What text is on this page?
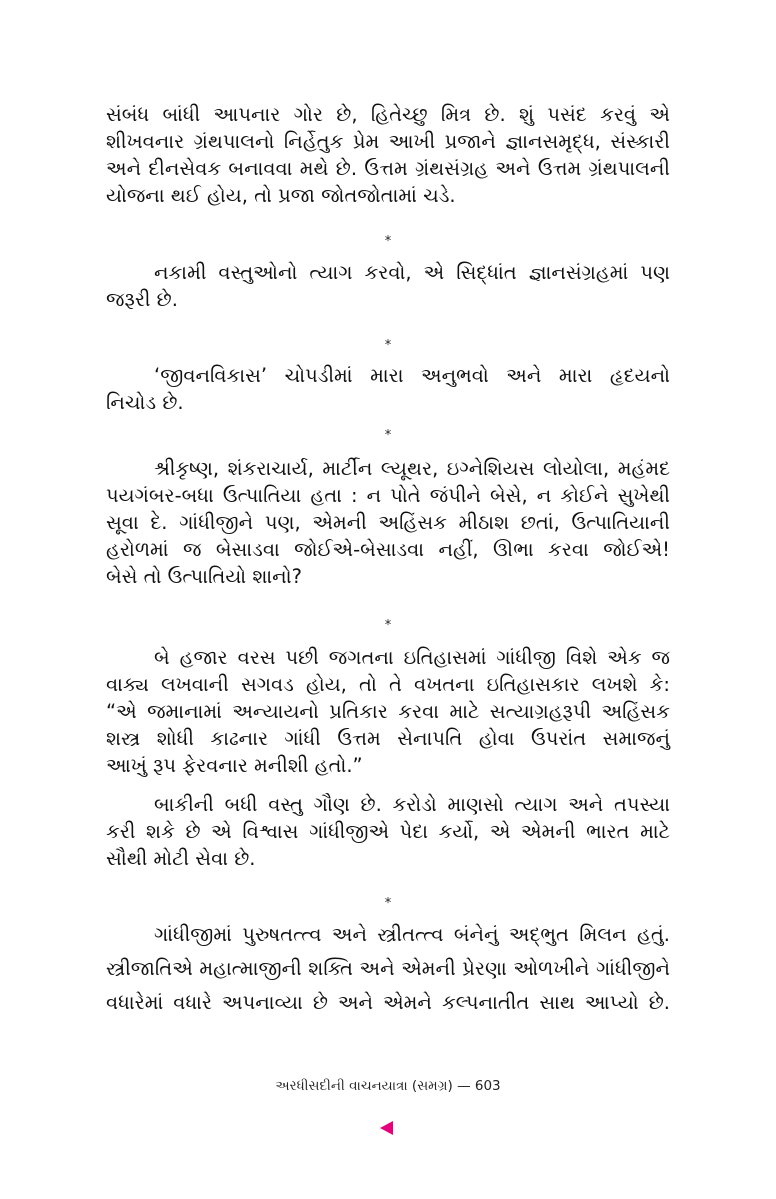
સંબંધ બાંધી આપનાર ગોર છે, હિતેચ્છુ મિત્ર છે. શું પસંદ કરવું એ
શીખવનાર ગ્રંથપાલનો નિર્હેતુક પ્રેમ આખી પ્રજાને જ્ઞાનસમૃદ્ધ, સંસ્કારી
અને દીનસેવક બનાવવા મથે છે. ઉત્તમ ગ્રંથસંગ્રહ અને ઉત્તમ ગ્રંથપાલની
યોજના થઈ હોય, તો પ્રજા જોતજોતામાં ચડે.
*
નકામી વસ્તુઓનો ત્યાગ કરવો, એ સિદ્ધાંત જ્ઞાનસંગ્રહમાં પણ
જરૂરી છે.
*
‘જીવનવિકાસ’ ચોપડીમાં મારા અનુભવો અને મારા હૃદયનો
નિચોડ છે.
*
શ્રીકૃષ્ણ, શંકરાચાર્ય, માર્ટીન લ્યૂથર, ઇગ્નેશિયસ લોયોલા, મહંમદ
પયગંબર-બધા ઉત્પાતિયા હતા : ન પોતે જંપીને બેસે, ન કોઈને સુખેથી
સૂવા દે. ગાંધીજીને પણ, એમની અહિંસક મીઠાશ છતાં, ઉત્પાતિયાની
હરોળમાં જ બેસાડવા જોઈએ-બેસાડવા નહીં, ઊભા કરવા જોઈએ!
બેસે તો ઉત્પાતિયો શાનો?
*
બે હજાર વરસ પછી જગતના ઇતિહાસમાં ગાંધીજી વિશે એક જ
વાક્ય લખવાની સગવડ હોય, તો તે વખતના ઇતિહાસકાર લખશે કે:
“એ જમાનામાં અન્યાયનો પ્રતિકાર કરવા માટે સત્યાગ્રહરૂપી અહિંસક
શસ્ત્ર શોધી કાઢનાર ગાંધી ઉત્તમ સેનાપતિ હોવા ઉપરાંત સમાજનું
આખું રૂપ ફેરવનાર મનીશી હતો.”
બાકીની બધી વસ્તુ ગૌણ છે. કરોડો માણસો ત્યાગ અને તપસ્યા
કરી શકે છે એ વિશ્વાસ ગાંધીજીએ પેદા કર્યો, એ એમની ભારત માટે
સૌથી મોટી સેવા છે.
*
ગાંધીજીમાં પુરુષતત્ત્વ અને સ્ત્રીતત્ત્વ બંનેનું અદ્ભુત મિલન હતું.
સ્ત્રીજાતિએ મહાત્માજીની શક્તિ અને એમની પ્રેરણા ઓળખીને ગાંધીજીને
વધારેમાં વધારે અપનાવ્યા છે અને એમને કલ્પનાતીત સાથ આપ્યો છે.
અરધીસદીની વાચનયાત્રા (સમગ્ર) — 603
